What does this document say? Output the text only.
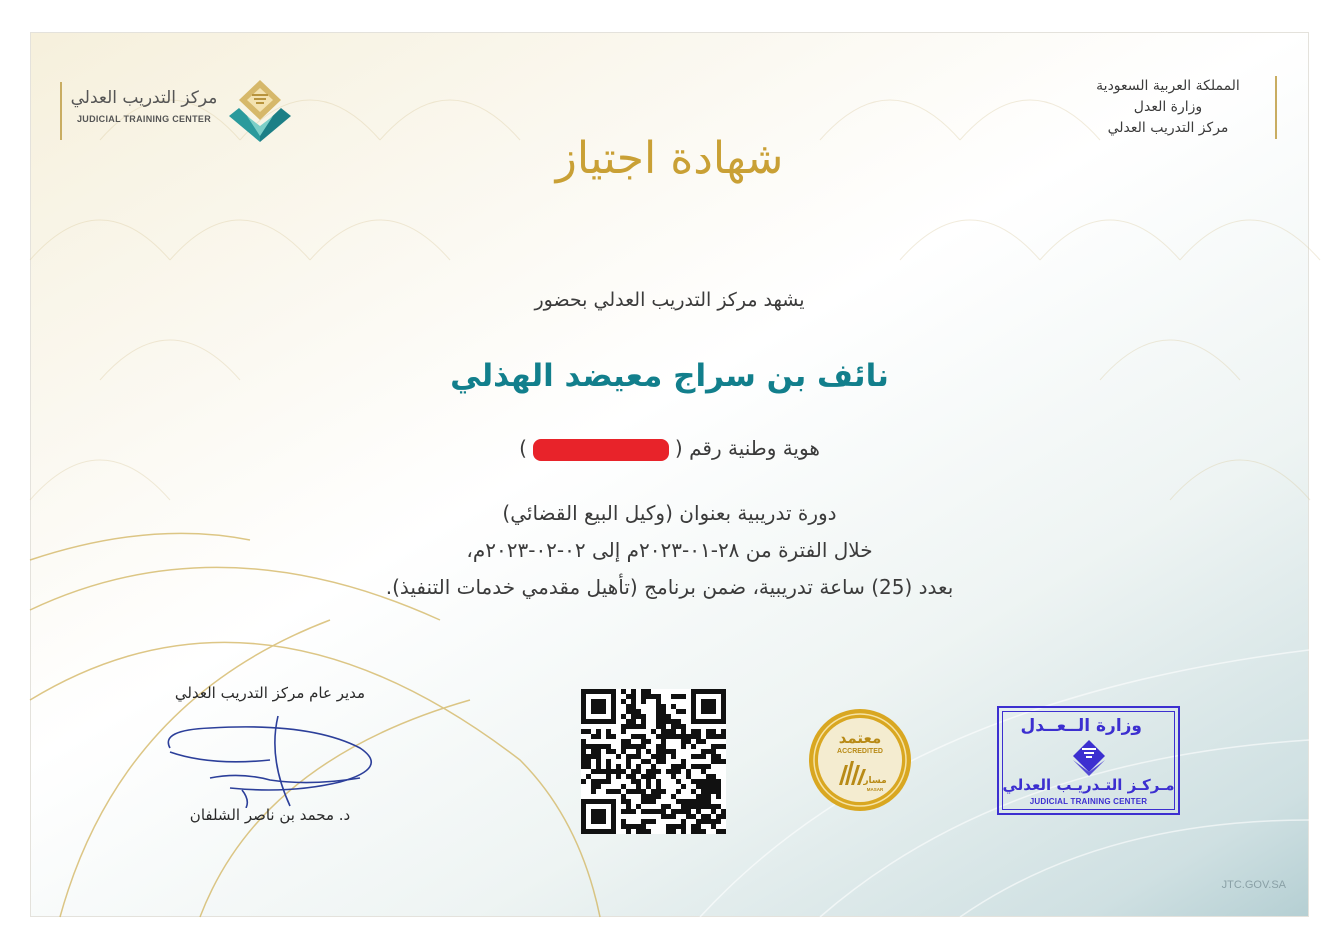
المملكة العربية السعودية
وزارة العدل
مركز التدريب العدلي
مركز التدريب العدلي
JUDICIAL TRAINING CENTER
شهادة اجتياز
يشهد مركز التدريب العدلي بحضور
نائف بن سراج معيضد الهذلي
هوية وطنية رقم ()
دورة تدريبية بعنوان (وكيل البيع القضائي)
خلال الفترة من ٢٨-٠١-٢٠٢٣م إلى ٠٢-٠٢-٢٠٢٣م،
بعدد (25) ساعة تدريبية، ضمن برنامج (تأهيل مقدمي خدمات التنفيذ).
مدير عام مركز التدريب العدلي
د. محمد بن ناصر الشلفان
معتمد
ACCREDITED
مسار
MASAR
وزارة الــعــدل
مـركـز التـدريـب العدلي
JUDICIAL TRAINING CENTER
JTC.GOV.SA
